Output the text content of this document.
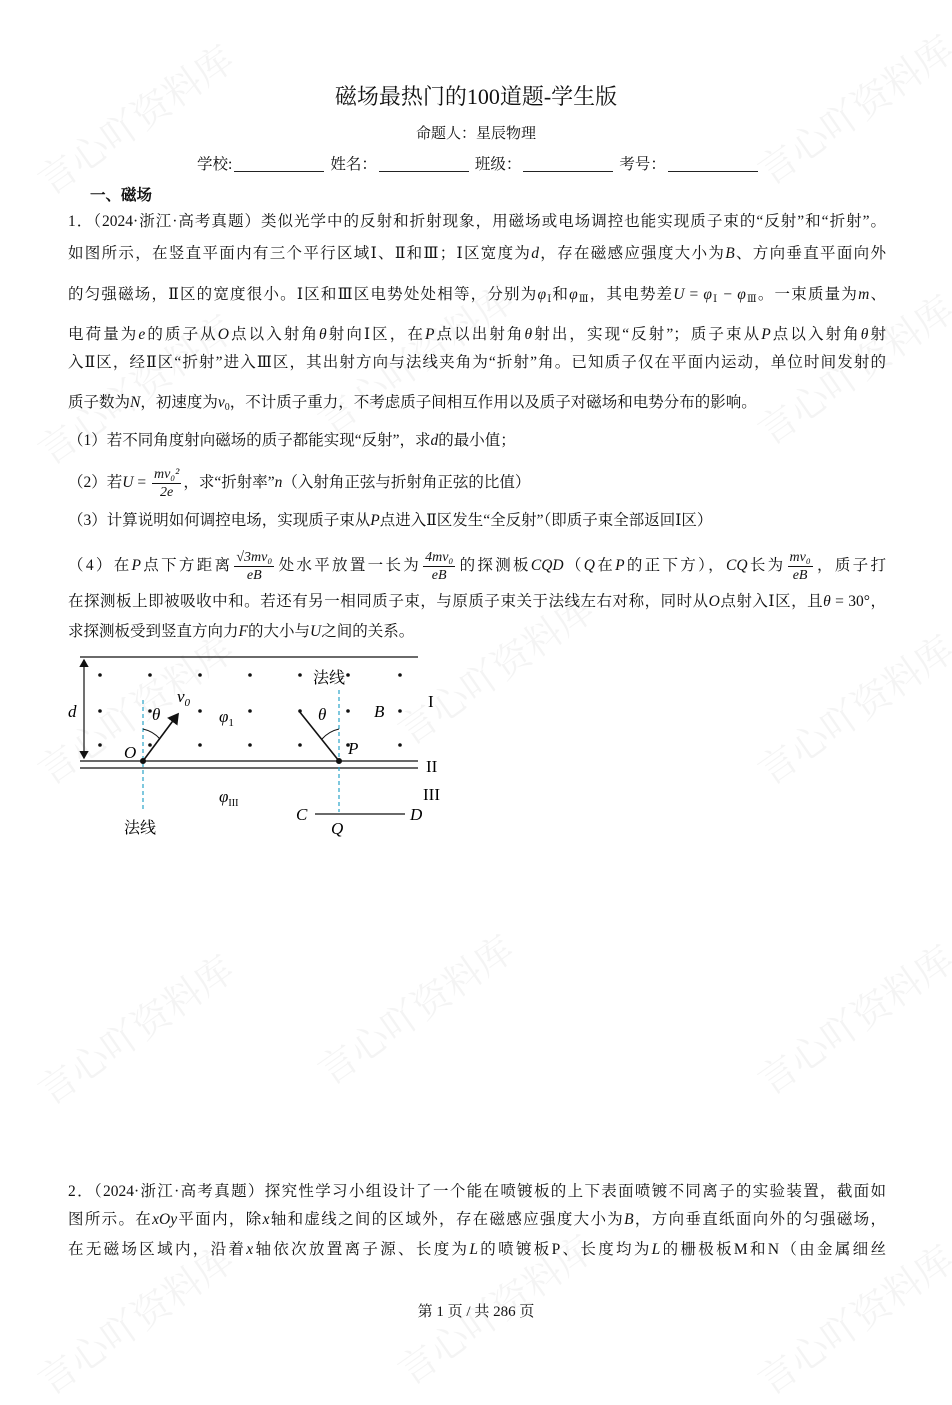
磁场最热门的100道题-学生版
命题人：星辰物理
学校:	姓名：	班级：	考号：
一、磁场
1．（2024·浙江·高考真题）类似光学中的反射和折射现象，用磁场或电场调控也能实现质子束的“反射”和“折射”。
如图所示，在竖直平面内有三个平行区域Ⅰ、Ⅱ和Ⅲ；Ⅰ区宽度为d，存在磁感应强度大小为B、方向垂直平面向外
的匀强磁场，Ⅱ区的宽度很小。Ⅰ区和Ⅲ区电势处处相等，分别为$\varphi_Ⅰ$和$\varphi_Ⅲ$，其电势差$U = \varphi_Ⅰ - \varphi_Ⅲ$。一束质量为m、
电荷量为e的质子从O点以入射角θ射向Ⅰ区，在P点以出射角θ射出，实现“反射”；质子束从P点以入射角θ射
入Ⅱ区，经Ⅱ区“折射”进入Ⅲ区，其出射方向与法线夹角为“折射”角。已知质子仅在平面内运动，单位时间发射的
质子数为N，初速度为$v_0$，不计质子重力，不考虑质子间相互作用以及质子对磁场和电势分布的影响。
（1）若不同角度射向磁场的质子都能实现“反射”，求d的最小值；
（2）若$U = \frac{\text{mv₀²}}{2e}$ ，求“折射率”n（入射角正弦与折射角正弦的比值）
（3）计算说明如何调控电场，实现质子束从P点进入Ⅱ区发生“全反射”（即质子束全部返回Ⅰ区）
（4）在P点下方距离 $\frac{\text{√3mv₀}}{eB}$ 处水平放置一长为 $\frac{\text{4mv₀}}{eB}$ 的探测板CQD（Q在P的正下方），CQ长为 $\frac{\text{mv₀}}{eB}$ ，质子打
在探测板上即被吸收中和。若还有另一相同质子束，与原质子束关于法线左右对称，同时从O点射入Ⅰ区，且θ = 30°，
求探测板受到竖直方向力F的大小与U之间的关系。
法线
$v_0$
θ	$\varphi_1$	θ	B
I
d
O	P
II
III
$\varphi_{III}$
法线
C
Q
D
2．（2024·浙江·高考真题）探究性学习小组设计了一个能在喷镀板的上下表面喷镀不同离子的实验装置，截面如
图所示。在xOy平面内，除x轴和虚线之间的区域外，存在磁感应强度大小为B，方向垂直纸面向外的匀强磁场，
在无磁场区域内，沿着x轴依次放置离子源、长度为L的喷镀板P、长度均为L的栅极板M和N（由金属细丝
第 1 页 / 共 286 页
